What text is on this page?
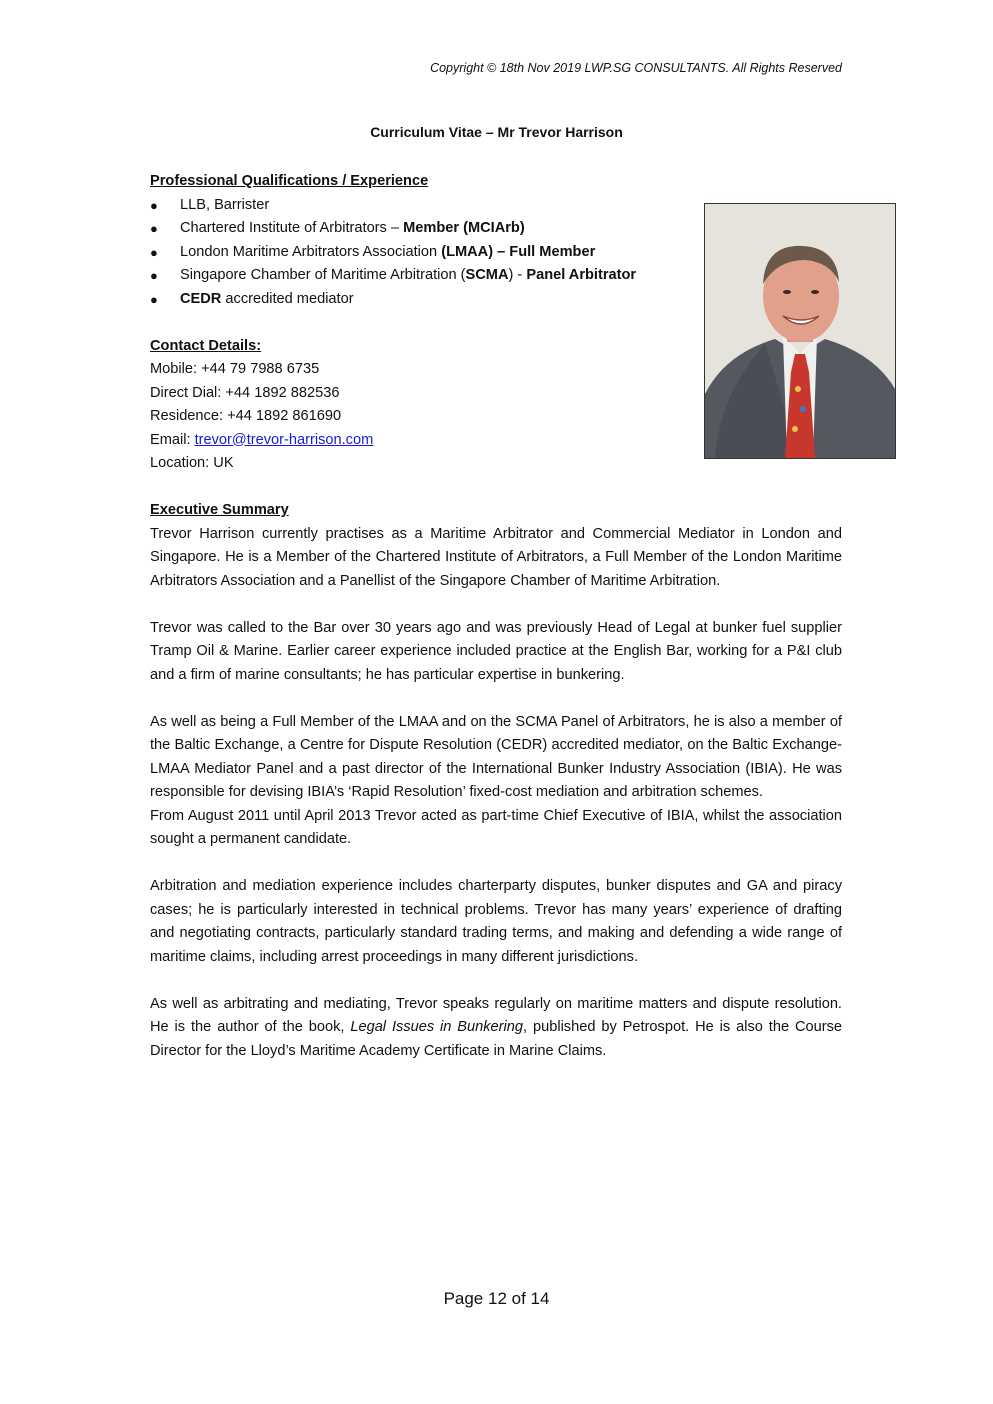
Copyright © 18th Nov 2019 LWP.SG CONSULTANTS. All Rights Reserved
Curriculum Vitae – Mr Trevor Harrison

Professional Qualifications / Experience

● LLB, Barrister
● Chartered Institute of Arbitrators – Member (MCIArb)
● London Maritime Arbitrators Association (LMAA) – Full Member
● Singapore Chamber of Maritime Arbitration (SCMA) - Panel Arbitrator
● CEDR accredited mediator

Contact Details:

Mobile: +44 79 7988 6735

Direct Dial: +44 1892 882536

Residence: +44 1892 861690

Email: trevor@trevor-harrison.com

Location: UK

Executive Summary

Trevor Harrison currently practises as a Maritime Arbitrator and Commercial Mediator in London and Singapore. He is a Member of the Chartered Institute of Arbitrators, a Full Member of the London Maritime Arbitrators Association and a Panellist of the Singapore Chamber of Maritime Arbitration.

Trevor was called to the Bar over 30 years ago and was previously Head of Legal at bunker fuel supplier Tramp Oil & Marine. Earlier career experience included practice at the English Bar, working for a P&I club and a firm of marine consultants; he has particular expertise in bunkering.

As well as being a Full Member of the LMAA and on the SCMA Panel of Arbitrators, he is also a member of the Baltic Exchange, a Centre for Dispute Resolution (CEDR) accredited mediator, on the Baltic Exchange-LMAA Mediator Panel and a past director of the International Bunker Industry Association (IBIA). He was responsible for devising IBIA’s ‘Rapid Resolution’ fixed-cost mediation and arbitration schemes.

From August 2011 until April 2013 Trevor acted as part-time Chief Executive of IBIA, whilst the association sought a permanent candidate.

Arbitration and mediation experience includes charterparty disputes, bunker disputes and GA and piracy cases; he is particularly interested in technical problems. Trevor has many years’ experience of drafting and negotiating contracts, particularly standard trading terms, and making and defending a wide range of maritime claims, including arrest proceedings in many different jurisdictions.

As well as arbitrating and mediating, Trevor speaks regularly on maritime matters and dispute resolution. He is the author of the book, Legal Issues in Bunkering, published by Petrospot. He is also the Course Director for the Lloyd’s Maritime Academy Certificate in Marine Claims.

Page 12 of 14
